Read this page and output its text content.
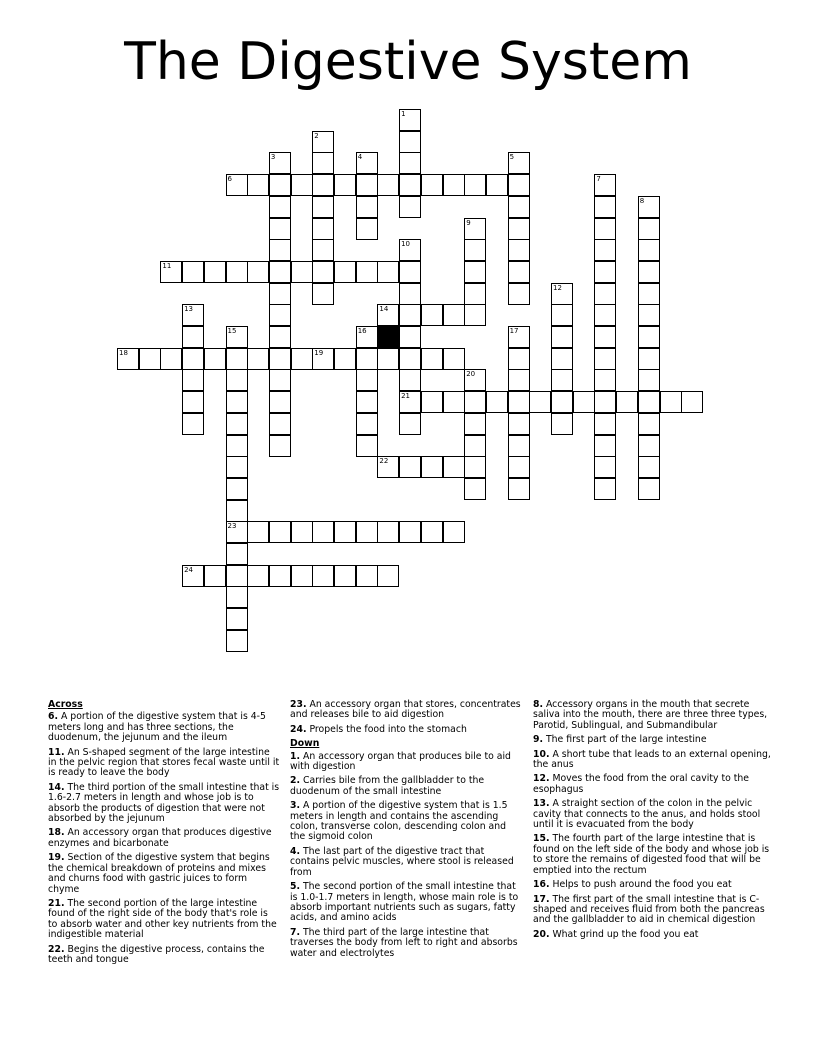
The Digestive System
1
2
3	4	5
6	7
8
9
10
21
11
12
13	14
15
23
16	17
18	19
20
22
24
Across
6. A portion of the digestive system that is 4-5 meters long and has three sections, the duodenum, the jejunum and the ileum
11. An S-shaped segment of the large intestine in the pelvic region that stores fecal waste until it is ready to leave the body
14. The third portion of the small intestine that is 1.6-2.7 meters in length and whose job is to absorb the products of digestion that were not absorbed by the jejunum
18. An accessory organ that produces digestive enzymes and bicarbonate
19. Section of the digestive system that begins the chemical breakdown of proteins and mixes and churns food with gastric juices to form chyme
21. The second portion of the large intestine found of the right side of the body that's role is to absorb water and other key nutrients from the indigestible material
22. Begins the digestive process, contains the teeth and tongue
23. An accessory organ that stores, concentrates and releases bile to aid digestion
24. Propels the food into the stomach
Down
1. An accessory organ that produces bile to aid with digestion
2. Carries bile from the gallbladder to the duodenum of the small intestine
3. A portion of the digestive system that is 1.5 meters in length and contains the ascending colon, transverse colon, descending colon and the sigmoid colon
4. The last part of the digestive tract that contains pelvic muscles, where stool is released from
5. The second portion of the small intestine that is 1.0-1.7 meters in length, whose main role is to absorb important nutrients such as sugars, fatty acids, and amino acids
7. The third part of the large intestine that traverses the body from left to right and absorbs water and electrolytes
8. Accessory organs in the mouth that secrete saliva into the mouth, there are three three types, Parotid, Sublingual, and Submandibular
9. The first part of the large intestine
10. A short tube that leads to an external opening, the anus
12. Moves the food from the oral cavity to the esophagus
13. A straight section of the colon in the pelvic cavity that connects to the anus, and holds stool until it is evacuated from the body
15. The fourth part of the large intestine that is found on the left side of the body and whose job is to store the remains of digested food that will be emptied into the rectum
16. Helps to push around the food you eat
17. The first part of the small intestine that is C-shaped and receives fluid from both the pancreas and the gallbladder to aid in chemical digestion
20. What grind up the food you eat
